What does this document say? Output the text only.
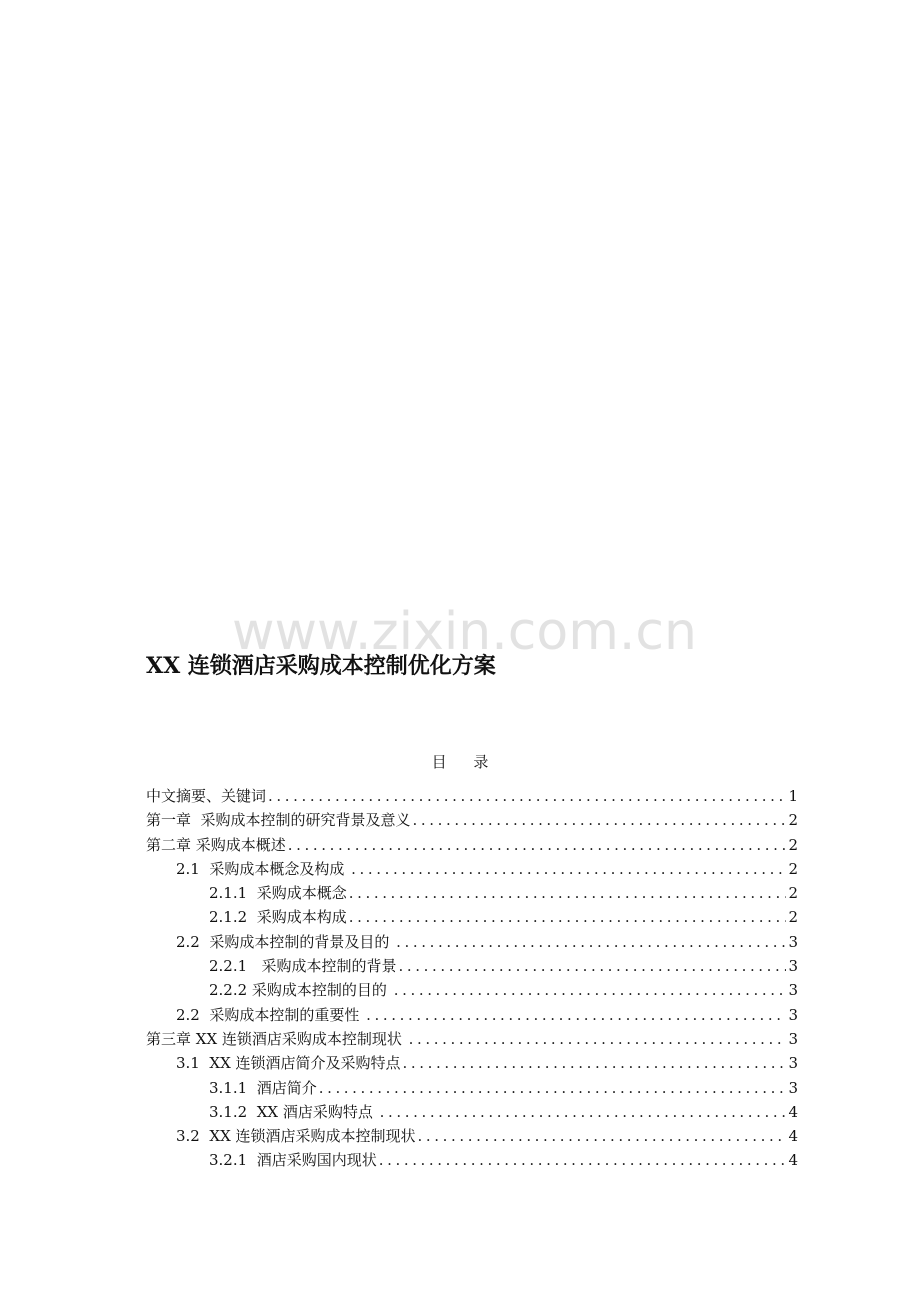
www.zixin.com.cn
XX 连锁酒店采购成本控制优化方案
目 录
中文摘要、关键词 .....	1
第一章  采购成本控制的研究背景及意义 .....	2
第二章 采购成本概述 .....	2
2.1  采购成本概念及构成 .....	2
2.1.1  采购成本概念 .....	2
2.1.2  采购成本构成 .....	2
2.2  采购成本控制的背景及目的 .....	3
2.2.1   采购成本控制的背景 .....	3
2.2.2 采购成本控制的目的 .....	3
2.2  采购成本控制的重要性 .....	3
第三章 XX 连锁酒店采购成本控制现状 .....	3
3.1  XX 连锁酒店简介及采购特点 .....	3
3.1.1  酒店简介 .....	3
3.1.2  XX 酒店采购特点 .....	4
3.2  XX 连锁酒店采购成本控制现状 .....	4
3.2.1  酒店采购国内现状 .....	4
